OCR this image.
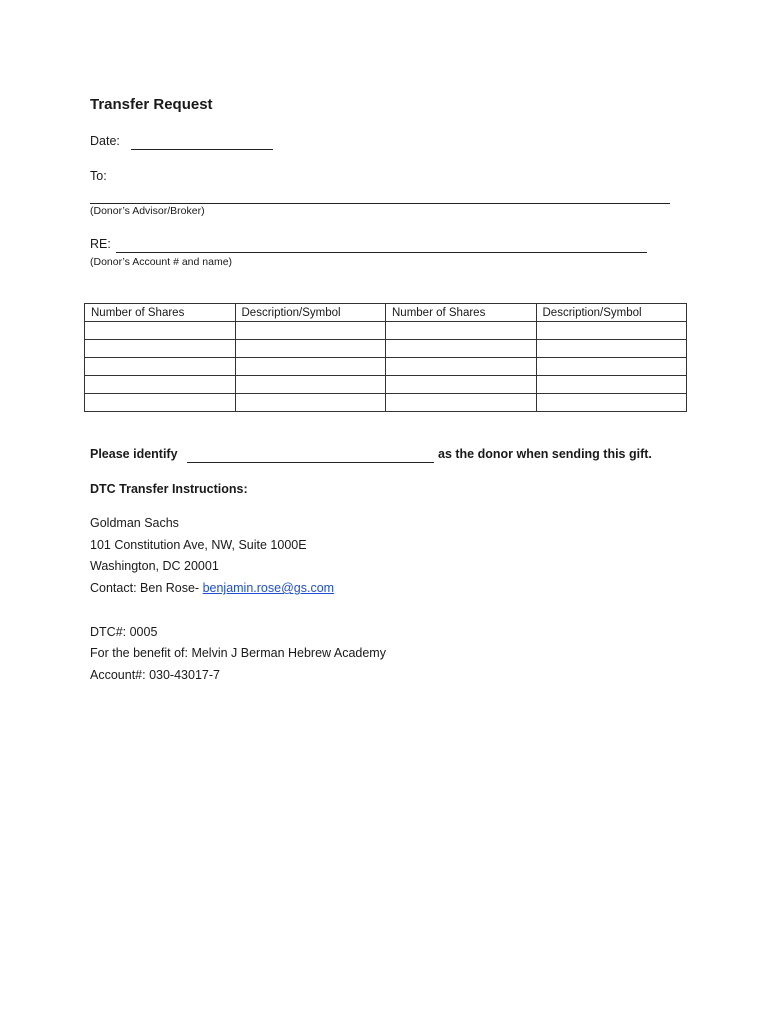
Transfer Request
Date:
To:
(Donor’s Advisor/Broker)
RE:
(Donor’s Account # and name)
Number of Shares	Description/Symbol	Number of Shares	Description/Symbol

Please identify	as the donor when sending this gift.
DTC Transfer Instructions:
Goldman Sachs
101 Constitution Ave, NW, Suite 1000E
Washington, DC 20001
Contact: Ben Rose- benjamin.rose@gs.com
DTC#: 0005
For the benefit of: Melvin J Berman Hebrew Academy
Account#: 030-43017-7
